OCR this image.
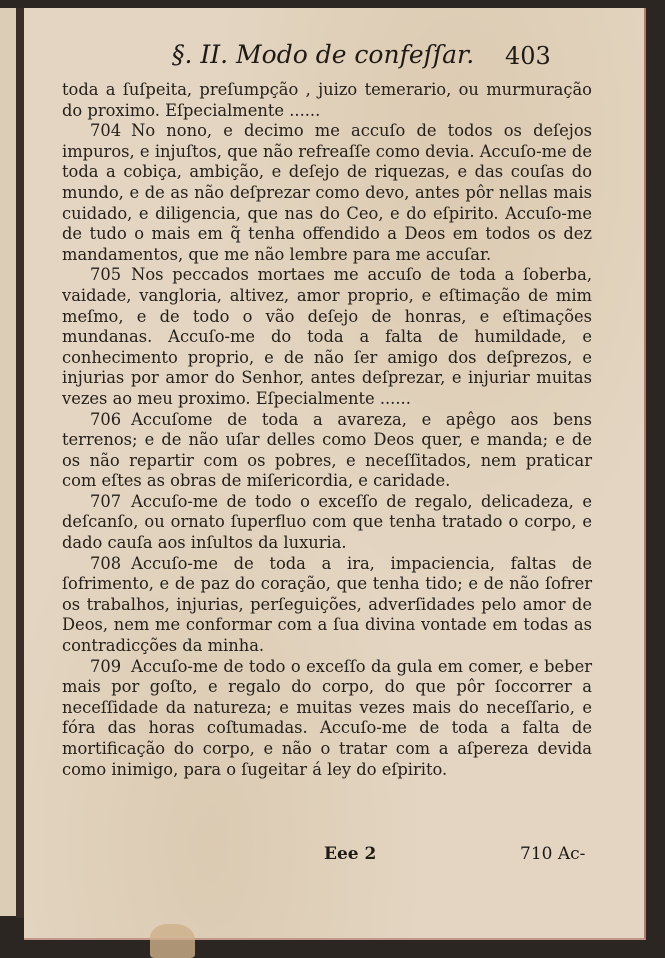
§. II. Modo de confeſſar. 403

toda a ſuſpeita, preſumpção , juizo temerario, ou murmuração do proximo. Eſpecialmente ......

704 No nono, e decimo me accuſo de todos os deſejos impuros, e injuſtos, que não refreaſſe como devia. Accuſo-me de toda a cobiça, ambição, e deſejo de riquezas, e das couſas do mundo, e de as não deſprezar como devo, antes pôr nellas mais cuidado, e diligencia, que nas do Ceo, e do eſpirito. Accuſo-me de tudo o mais em q̃ tenha offendido a Deos em todos os dez mandamentos, que me não lembre para me accuſar.

705 Nos peccados mortaes me accuſo de toda a ſoberba, vaidade, vangloria, altivez, amor proprio, e eſtimação de mim meſmo, e de todo o vão deſejo de honras, e eſtimações mundanas. Accuſo-me do toda a falta de humildade, e conhecimento proprio, e de não ſer amigo dos deſprezos, e injurias por amor do Senhor, antes deſprezar, e injuriar muitas vezes ao meu proximo. Eſpecialmente ......

706 Accuſome de toda a avareza, e apêgo aos bens terrenos; e de não uſar delles como Deos quer, e manda; e de os não repartir com os pobres, e neceſſitados, nem praticar com eſtes as obras de miſericordia, e caridade.

707 Accuſo-me de todo o exceſſo de regalo, delicadeza, e deſcanſo, ou ornato ſuperfluo com que tenha tratado o corpo, e dado cauſa aos inſultos da luxuria.

708 Accuſo-me de toda a ira, impaciencia, faltas de ſofrimento, e de paz do coração, que tenha tido; e de não ſofrer os trabalhos, injurias, perſeguições, adverſidades pelo amor de Deos, nem me conformar com a ſua divina vontade em todas as contradicções da minha.

709 Accuſo-me de todo o exceſſo da gula em comer, e beber mais por goſto, e regalo do corpo, do que pôr ſoccorrer a neceſſidade da natureza; e muitas vezes mais do neceſſario, e fóra das horas coſtumadas. Accuſo-me de toda a falta de mortificação do corpo, e não o tratar com a aſpereza devida como inimigo, para o ſugeitar á ley do eſpirito.

Eee 2	710 Ac-
